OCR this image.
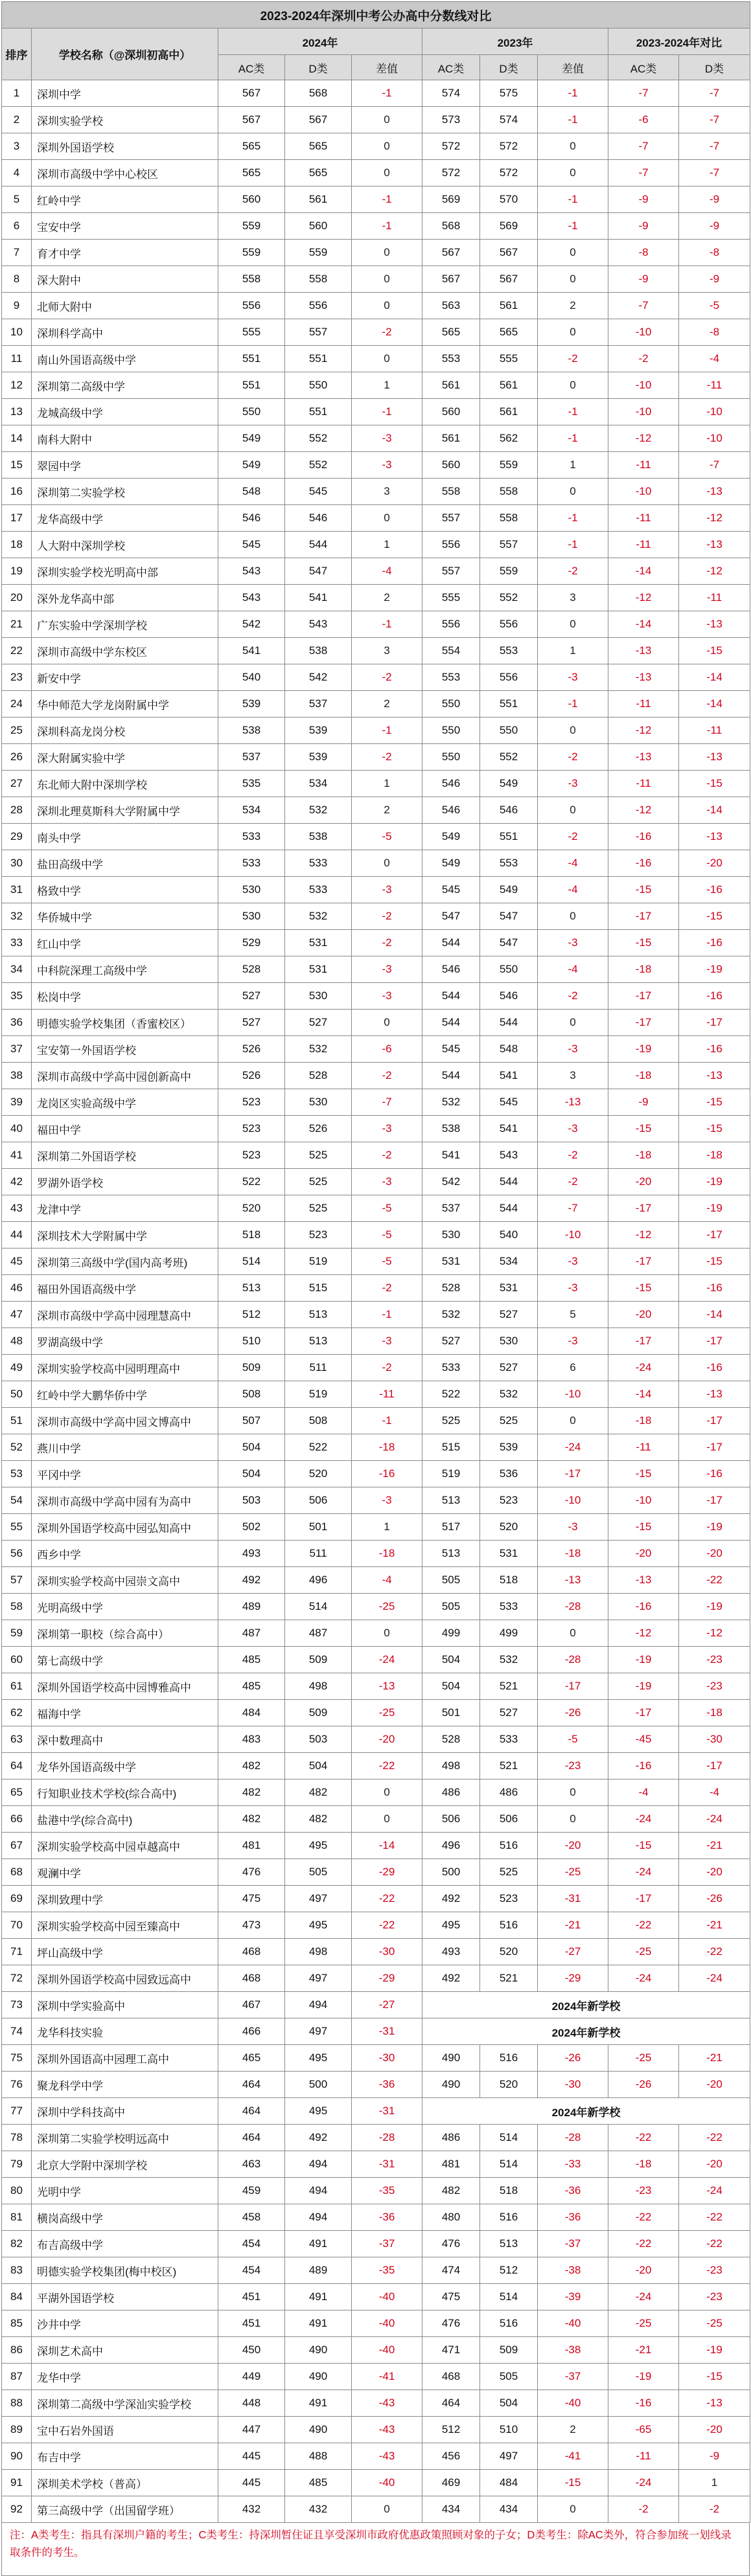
2023-2024年深圳中考公办高中分数线对比									
排序	学校名称（@深圳初高中）	2024年			2023年			2023-2024年对比	
		AC类	D类	差值	AC类	D类	差值	AC类	D类
1	深圳中学	567	568	-1	574	575	-1	-7	-7
2	深圳实验学校	567	567	0	573	574	-1	-6	-7
3	深圳外国语学校	565	565	0	572	572	0	-7	-7
4	深圳市高级中学中心校区	565	565	0	572	572	0	-7	-7
5	红岭中学	560	561	-1	569	570	-1	-9	-9
6	宝安中学	559	560	-1	568	569	-1	-9	-9
7	育才中学	559	559	0	567	567	0	-8	-8
8	深大附中	558	558	0	567	567	0	-9	-9
9	北师大附中	556	556	0	563	561	2	-7	-5
10	深圳科学高中	555	557	-2	565	565	0	-10	-8
11	南山外国语高级中学	551	551	0	553	555	-2	-2	-4
12	深圳第二高级中学	551	550	1	561	561	0	-10	-11
13	龙城高级中学	550	551	-1	560	561	-1	-10	-10
14	南科大附中	549	552	-3	561	562	-1	-12	-10
15	翠园中学	549	552	-3	560	559	1	-11	-7
16	深圳第二实验学校	548	545	3	558	558	0	-10	-13
17	龙华高级中学	546	546	0	557	558	-1	-11	-12
18	人大附中深圳学校	545	544	1	556	557	-1	-11	-13
19	深圳实验学校光明高中部	543	547	-4	557	559	-2	-14	-12
20	深外龙华高中部	543	541	2	555	552	3	-12	-11
21	广东实验中学深圳学校	542	543	-1	556	556	0	-14	-13
22	深圳市高级中学东校区	541	538	3	554	553	1	-13	-15
23	新安中学	540	542	-2	553	556	-3	-13	-14
24	华中师范大学龙岗附属中学	539	537	2	550	551	-1	-11	-14
25	深圳科高龙岗分校	538	539	-1	550	550	0	-12	-11
26	深大附属实验中学	537	539	-2	550	552	-2	-13	-13
27	东北师大附中深圳学校	535	534	1	546	549	-3	-11	-15
28	深圳北理莫斯科大学附属中学	534	532	2	546	546	0	-12	-14
29	南头中学	533	538	-5	549	551	-2	-16	-13
30	盐田高级中学	533	533	0	549	553	-4	-16	-20
31	格致中学	530	533	-3	545	549	-4	-15	-16
32	华侨城中学	530	532	-2	547	547	0	-17	-15
33	红山中学	529	531	-2	544	547	-3	-15	-16
34	中科院深理工高级中学	528	531	-3	546	550	-4	-18	-19
35	松岗中学	527	530	-3	544	546	-2	-17	-16
36	明德实验学校集团（香蜜校区）	527	527	0	544	544	0	-17	-17
37	宝安第一外国语学校	526	532	-6	545	548	-3	-19	-16
38	深圳市高级中学高中园创新高中	526	528	-2	544	541	3	-18	-13
39	龙岗区实验高级中学	523	530	-7	532	545	-13	-9	-15
40	福田中学	523	526	-3	538	541	-3	-15	-15
41	深圳第二外国语学校	523	525	-2	541	543	-2	-18	-18
42	罗湖外语学校	522	525	-3	542	544	-2	-20	-19
43	龙津中学	520	525	-5	537	544	-7	-17	-19
44	深圳技术大学附属中学	518	523	-5	530	540	-10	-12	-17
45	深圳第三高级中学(国内高考班)	514	519	-5	531	534	-3	-17	-15
46	福田外国语高级中学	513	515	-2	528	531	-3	-15	-16
47	深圳市高级中学高中园理慧高中	512	513	-1	532	527	5	-20	-14
48	罗湖高级中学	510	513	-3	527	530	-3	-17	-17
49	深圳实验学校高中园明理高中	509	511	-2	533	527	6	-24	-16
50	红岭中学大鹏华侨中学	508	519	-11	522	532	-10	-14	-13
51	深圳市高级中学高中园文博高中	507	508	-1	525	525	0	-18	-17
52	燕川中学	504	522	-18	515	539	-24	-11	-17
53	平冈中学	504	520	-16	519	536	-17	-15	-16
54	深圳市高级中学高中园有为高中	503	506	-3	513	523	-10	-10	-17
55	深圳外国语学校高中园弘知高中	502	501	1	517	520	-3	-15	-19
56	西乡中学	493	511	-18	513	531	-18	-20	-20
57	深圳实验学校高中园崇文高中	492	496	-4	505	518	-13	-13	-22
58	光明高级中学	489	514	-25	505	533	-28	-16	-19
59	深圳第一职校（综合高中）	487	487	0	499	499	0	-12	-12
60	第七高级中学	485	509	-24	504	532	-28	-19	-23
61	深圳外国语学校高中园博雅高中	485	498	-13	504	521	-17	-19	-23
62	福海中学	484	509	-25	501	527	-26	-17	-18
63	深中数理高中	483	503	-20	528	533	-5	-45	-30
64	龙华外国语高级中学	482	504	-22	498	521	-23	-16	-17
65	行知职业技术学校(综合高中)	482	482	0	486	486	0	-4	-4
66	盐港中学(综合高中)	482	482	0	506	506	0	-24	-24
67	深圳实验学校高中园卓越高中	481	495	-14	496	516	-20	-15	-21
68	观澜中学	476	505	-29	500	525	-25	-24	-20
69	深圳致理中学	475	497	-22	492	523	-31	-17	-26
70	深圳实验学校高中园至臻高中	473	495	-22	495	516	-21	-22	-21
71	坪山高级中学	468	498	-30	493	520	-27	-25	-22
72	深圳外国语学校高中园致远高中	468	497	-29	492	521	-29	-24	-24
73	深圳中学实验高中	467	494	-27	2024年新学校				
74	龙华科技实验	466	497	-31	2024年新学校				
75	深圳外国语高中园理工高中	465	495	-30	490	516	-26	-25	-21
76	聚龙科学中学	464	500	-36	490	520	-30	-26	-20
77	深圳中学科技高中	464	495	-31	2024年新学校				
78	深圳第二实验学校明远高中	464	492	-28	486	514	-28	-22	-22
79	北京大学附中深圳学校	463	494	-31	481	514	-33	-18	-20
80	光明中学	459	494	-35	482	518	-36	-23	-24
81	横岗高级中学	458	494	-36	480	516	-36	-22	-22
82	布吉高级中学	454	491	-37	476	513	-37	-22	-22
83	明德实验学校集团(梅中校区)	454	489	-35	474	512	-38	-20	-23
84	平湖外国语学校	451	491	-40	475	514	-39	-24	-23
85	沙井中学	451	491	-40	476	516	-40	-25	-25
86	深圳艺术高中	450	490	-40	471	509	-38	-21	-19
87	龙华中学	449	490	-41	468	505	-37	-19	-15
88	深圳第二高级中学深汕实验学校	448	491	-43	464	504	-40	-16	-13
89	宝中石岩外国语	447	490	-43	512	510	2	-65	-20
90	布吉中学	445	488	-43	456	497	-41	-11	-9
91	深圳美术学校（普高）	445	485	-40	469	484	-15	-24	1
92	第三高级中学（出国留学班）	432	432	0	434	434	0	-2	-2
注：A类考生：指具有深圳户籍的考生；C类考生：持深圳暂住证且享受深圳市政府优惠政策照顾对象的子女；D类考生：除AC类外，符合参加统一划线录取条件的考生。
